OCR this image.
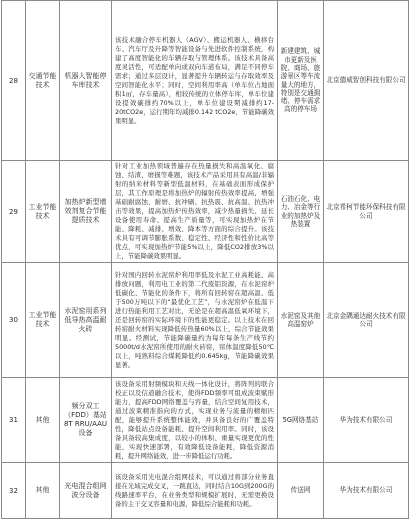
28	交通节能技术	机器人智能停车库技术	该技术融合停车机器人（AGV）、搬运机器人、横移台车、汽车厅及升降等智能设备与先进软件控制系统，构建了高度智能化的车辆存取与管理体系。该技术具备高度灵活性，可适配单向或双向车道布局，满足不同停车需求；通过多层设计，显著提升车辆转运与存取效率及空间智能化水平；同时，空间利用率高（单车位占地面积1㎡，存车量高），相较传统的立体停车库，单车位建设提效碳排约70%以上，单车位建设期减排约17-20tCO2e，运行期年均减排0.142 tCO2e，节能降碳效果明显。	新建建筑、城市更新及医院、商场、旅游景区等车流量大的地方，特别是交通拥堵、停车需求高的停车场	北京德威智创科技有限公司
29	工业节能技术	加热炉新型增效剂复合节能提质技术	针对工业加热领域普遍存在热量损失和高温氧化、腐蚀、结渣、磨损等难题，该技术产品采用具有高温/非辐射的纳米材料等新型低温材料，在基础表面形成保护层，其工作原理是将加热炉的辐射传热效率提高，增强基础耐腐蚀、耐磨、抗冲刷、抗热震、抗高温、抗热冲击等效果，提高加热炉传热效率，减少热量损失、延长设备使用寿命、提高生产质量等，可实现加热炉在节能、降耗、减排、增效、降本等方面的综合提升。该技术具有可调节膨胀系数、稳定性、经济性和性价比高等优点，可实现加热炉节能5%以上，降低CO2排放3%以上，节能降碳效果明显。	石油石化、电力、冶金等行业的加热炉及热装置	北京希柯节能环保科技有限公司
30	工业节能技术	水泥窑用系列低导热高温耐火砖	针对国内回转水泥窑炉利用率低及水泥工业高耗能、高排放问题，利用电工业的第二代废铝资源，在水泥窑炉低碳化、节能化的条件下，将所有回转窑在超高温、低于500万吨以下的“最优化工艺”，与水泥窑炉在低温下进行热能利用工艺对比，无论是在超高温低氧环境下，还是回转窑的实际环境下的性能更稳定。以上技术在回转窑耐火材料实现降低传热量60%以上，综合节能效果明显。经测试，节能降碳量约为每年每条生产线节约5000t/d水泥窑所使用的耐火砖窑，窑体温度降低50℃以上，吨熟料综合煤耗降低约0.645kg，节能降碳效果显著。	水泥窑及其他高温窑炉	北京金隅通达耐火技术有限公司
31	其他	频分双工（FDD）基站8T RRU/AAU设备	该设备采用射频模块和天线一体化设计，将阵列的联合校正以及信道融合技术，使得FDD频率可组成波束赋形能力，提高FDD网络覆盖与容量，结合空间复用技术，通过波束精准指向的方式，实现业务与流量的精细匹配，能够提升系统整体能效，并具备良好的广覆盖特性，降低站点设备能耗、提升空间利用率。同时，该设备具备较高集成度，以较小的体积、重量实现更优的性能，实现快速部署，有效降低设备能耗，降低资源消耗，提升网络能效，进一步降低运行功耗。	5G网络基站	华为技术有限公司
32	其他	光电混合组网波分设备	该设备采用光电混合组网技术，可以通过将部分业务直接在光域完成交叉，一跳直达，同时结合10G到200G的线路速率平台，在业务类型和规模扩展时，无需更换设备的主干交叉容量和电源，降低综合能耗和功耗。	传送网	华为技术有限公司
